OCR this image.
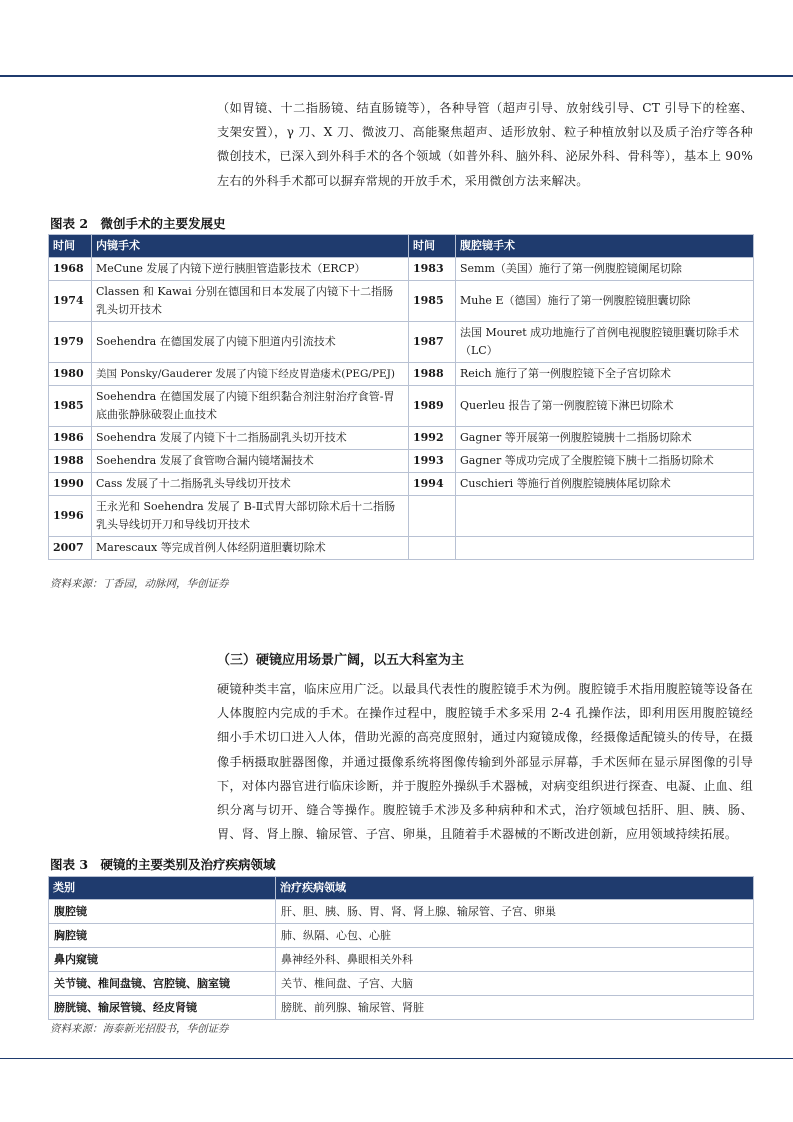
（如胃镜、十二指肠镜、结直肠镜等），各种导管（超声引导、放射线引导、CT 引导下的栓塞、支架安置），γ 刀、X 刀、微波刀、高能聚焦超声、适形放射、粒子种植放射以及质子治疗等各种微创技术，已深入到外科手术的各个领域（如普外科、脑外科、泌尿外科、骨科等），基本上 90%左右的外科手术都可以摒弃常规的开放手术，采用微创方法来解决。
图表 2　微创手术的主要发展史
时间	内镜手术	时间	腹腔镜手术
1968	MeCune 发展了内镜下逆行胰胆管造影技术（ERCP）	1983	Semm（美国）施行了第一例腹腔镜阑尾切除
1974	Classen 和 Kawai 分别在德国和日本发展了内镜下十二指肠乳头切开技术	1985	Muhe E（德国）施行了第一例腹腔镜胆囊切除
1979	Soehendra 在德国发展了内镜下胆道内引流技术	1987	法国 Mouret 成功地施行了首例电视腹腔镜胆囊切除手术（LC）
1980	美国 Ponsky/Gauderer 发展了内镜下经皮胃造瘘术(PEG/PEJ)	1988	Reich 施行了第一例腹腔镜下全子宫切除术
1985	Soehendra 在德国发展了内镜下组织黏合剂注射治疗食管-胃底曲张静脉破裂止血技术	1989	Querleu 报告了第一例腹腔镜下淋巴切除术
1986	Soehendra 发展了内镜下十二指肠副乳头切开技术	1992	Gagner 等开展第一例腹腔镜胰十二指肠切除术
1988	Soehendra 发展了食管吻合漏内镜堵漏技术	1993	Gagner 等成功完成了全腹腔镜下胰十二指肠切除术
1990	Cass 发展了十二指肠乳头导线切开技术	1994	Cuschieri 等施行首例腹腔镜胰体尾切除术
1996	王永光和 Soehendra 发展了 B-Ⅱ式胃大部切除术后十二指肠乳头导线切开刀和导线切开技术		
2007	Marescaux 等完成首例人体经阴道胆囊切除术		
资料来源：丁香园，动脉网，华创证券
（三）硬镜应用场景广阔，以五大科室为主
硬镜种类丰富，临床应用广泛。以最具代表性的腹腔镜手术为例。腹腔镜手术指用腹腔镜等设备在人体腹腔内完成的手术。在操作过程中，腹腔镜手术多采用 2-4 孔操作法，即利用医用腹腔镜经细小手术切口进入人体，借助光源的高亮度照射，通过内窥镜成像，经摄像适配镜头的传导，在摄像手柄摄取脏器图像，并通过摄像系统将图像传输到外部显示屏幕，手术医师在显示屏图像的引导下，对体内器官进行临床诊断，并于腹腔外操纵手术器械，对病变组织进行探查、电凝、止血、组织分离与切开、缝合等操作。腹腔镜手术涉及多种病种和术式，治疗领域包括肝、胆、胰、肠、胃、肾、肾上腺、输尿管、子宫、卵巢，且随着手术器械的不断改进创新，应用领域持续拓展。
图表 3　硬镜的主要类别及治疗疾病领域
类别	治疗疾病领域
腹腔镜	肝、胆、胰、肠、胃、肾、肾上腺、输尿管、子宫、卵巢
胸腔镜	肺、纵隔、心包、心脏
鼻内窥镜	鼻神经外科、鼻眼相关外科
关节镜、椎间盘镜、宫腔镜、脑室镜	关节、椎间盘、子宫、大脑
膀胱镜、输尿管镜、经皮肾镜	膀胱、前列腺、输尿管、肾脏
资料来源：海泰新光招股书，华创证券
